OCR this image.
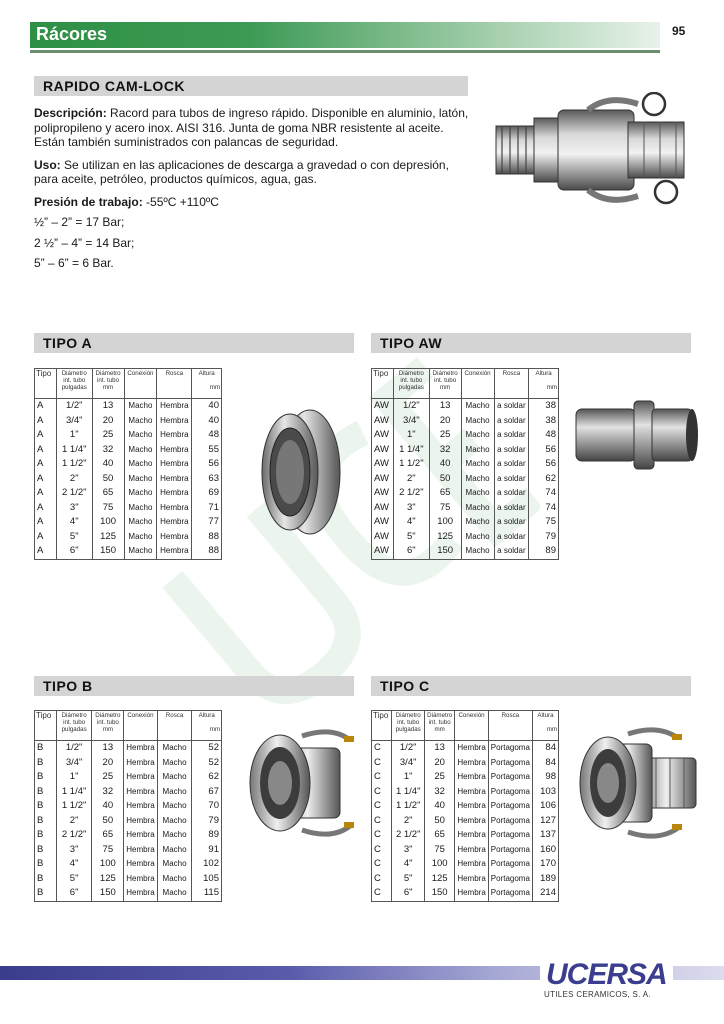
Rácores	95
RAPIDO CAM-LOCK

Descripción: Racord para tubos de ingreso rápido. Disponible en aluminio, latón, polipropileno y acero inox. AISI 316. Junta de goma NBR resistente al aceite. Están también suministrados con palancas de seguridad.

Uso: Se utilizan en las aplicaciones de descarga a gravedad o con depresión, para aceite, petróleo, productos químicos, agua, gas.

Presión de trabajo: -55ºC +110ºC

½” – 2” = 17 Bar;

2 ½” – 4” = 14 Bar;

5” – 6” = 6 Bar.

TIPO A
Tipo	Diámetro int. tubo pulgadas	Diámetro int. tubo mm	Conexión	Rosca	Altura
mm

A	1/2"	13	Macho	Hembra	40
A	3/4"	20	Macho	Hembra	40
A	1"	25	Macho	Hembra	48
A	1 1/4"	32	Macho	Hembra	55
A	1 1/2"	40	Macho	Hembra	56
A	2"	50	Macho	Hembra	63
A	2 1/2"	65	Macho	Hembra	69
A	3"	75	Macho	Hembra	71
A	4"	100	Macho	Hembra	77
A	5"	125	Macho	Hembra	88
A	6"	150	Macho	Hembra	88
TIPO AW
Tipo	Diámetro int. tubo pulgadas	Diámetro int. tubo mm	Conexión	Rosca	Altura
mm

AW	1/2"	13	Macho	a soldar	38
AW	3/4"	20	Macho	a soldar	38
AW	1"	25	Macho	a soldar	48
AW	1 1/4"	32	Macho	a soldar	56
AW	1 1/2"	40	Macho	a soldar	56
AW	2"	50	Macho	a soldar	62
AW	2 1/2"	65	Macho	a soldar	74
AW	3"	75	Macho	a soldar	74
AW	4"	100	Macho	a soldar	75
AW	5"	125	Macho	a soldar	79
AW	6"	150	Macho	a soldar	89
TIPO B
Tipo	Diámetro int. tubo pulgadas	Diámetro int. tubo mm	Conexión	Rosca	Altura
mm

B	1/2"	13	Hembra	Macho	52
B	3/4"	20	Hembra	Macho	52
B	1"	25	Hembra	Macho	62
B	1 1/4"	32	Hembra	Macho	67
B	1 1/2"	40	Hembra	Macho	70
B	2"	50	Hembra	Macho	79
B	2 1/2"	65	Hembra	Macho	89
B	3"	75	Hembra	Macho	91
B	4"	100	Hembra	Macho	102
B	5"	125	Hembra	Macho	105
B	6"	150	Hembra	Macho	115
TIPO C
Tipo	Diámetro int. tubo pulgadas	Diámetro int. tubo mm	Conexión	Rosca	Altura
mm

C	1/2"	13	Hembra	Portagoma	84
C	3/4"	20	Hembra	Portagoma	84
C	1"	25	Hembra	Portagoma	98
C	1 1/4"	32	Hembra	Portagoma	103
C	1 1/2"	40	Hembra	Portagoma	106
C	2"	50	Hembra	Portagoma	127
C	2 1/2"	65	Hembra	Portagoma	137
C	3"	75	Hembra	Portagoma	160
C	4"	100	Hembra	Portagoma	170
C	5"	125	Hembra	Portagoma	189
C	6"	150	Hembra	Portagoma	214
UCERSA
UTILES CERAMICOS, S. A.
